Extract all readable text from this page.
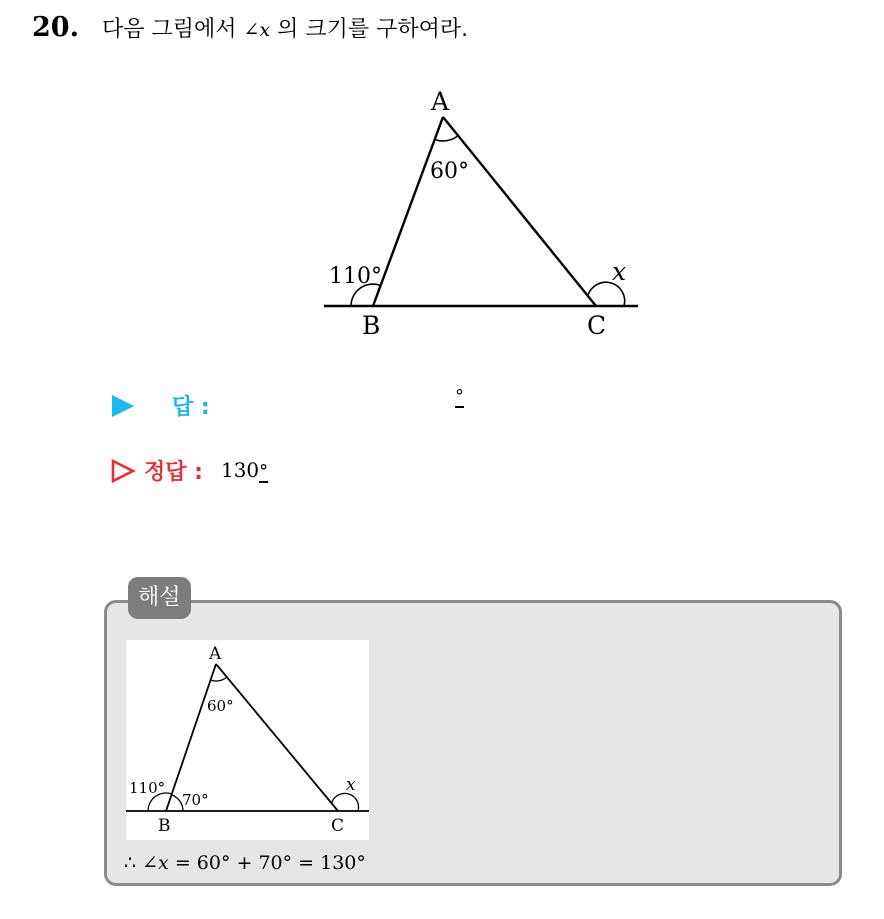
20.	다음 그림에서 ∠x 의 크기를 구하여라.
A
B	C
60°
110°	x
답 :	°
정답 : 130°
해설
A
B	C
60°
110°
70°
x
∴ ∠x = 60° + 70° = 130°
